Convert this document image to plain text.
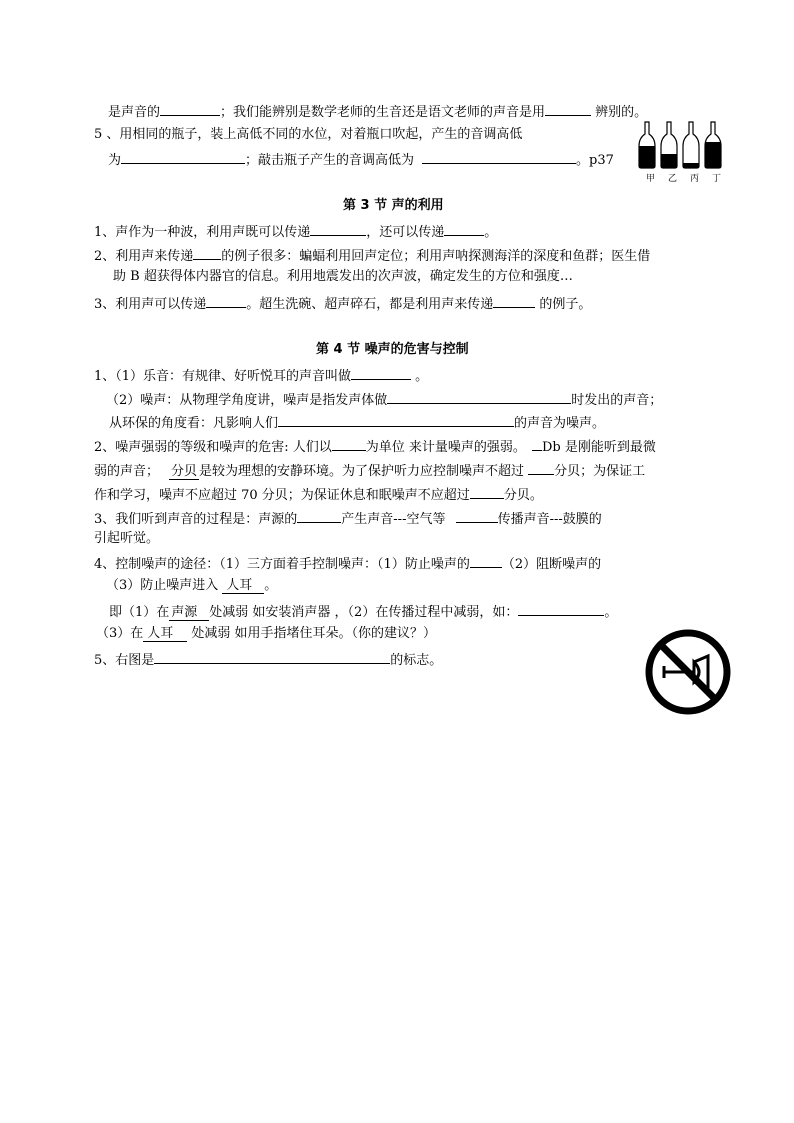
是声音的	；我们能辨别是数学老师的生音还是语文老师的声音是用	辨别的。
5 、用相同的瓶子，装上高低不同的水位，对着瓶口吹起，产生的音调高低
为	；敲击瓶子产生的音调高低为	。p37
甲 乙 丙 丁
第 3 节 声的利用
1、声作为一种波，利用声既可以传递	，还可以传递	。
2、利用声来传递 的例子很多：蝙蝠利用回声定位；利用声呐探测海洋的深度和鱼群；医生借
助 B 超获得体内器官的信息。利用地震发出的次声波，确定发生的方位和强度…
3、利用声可以传递	。超生洗碗、超声碎石，都是利用声来传递	的例子。
第 4 节 噪声的危害与控制
1、（1）乐音：有规律、好听悦耳的声音叫做	。
（2）噪声：从物理学角度讲，噪声是指发声体做	时发出的声音；
从环保的角度看：凡影响人们	的声音为噪声。
2、噪声强弱的等级和噪声的危害: 人们以	为单位 来计量噪声的强弱。 Db 是刚能听到最微
弱的声音； 分贝 是较为理想的安静环境。为了保护听力应控制噪声不超过 分贝；为保证工
作和学习，噪声不应超过 70 分贝；为保证休息和眠噪声不应超过	分贝。
3、我们听到声音的过程是：声源的	产生声音---空气等	传播声音---鼓膜的
引起听觉。
4、控制噪声的途径：（1）三方面着手控制噪声：（1）防止噪声的 （2）阻断噪声的
（3）防止噪声进入 人耳 。
即（1）在 声源 处减弱 如安装消声器 ，（2）在传播过程中减弱，如：	。
（3）在 人耳 处减弱 如用手指堵住耳朵。（你的建议？）
5、右图是	的标志。
